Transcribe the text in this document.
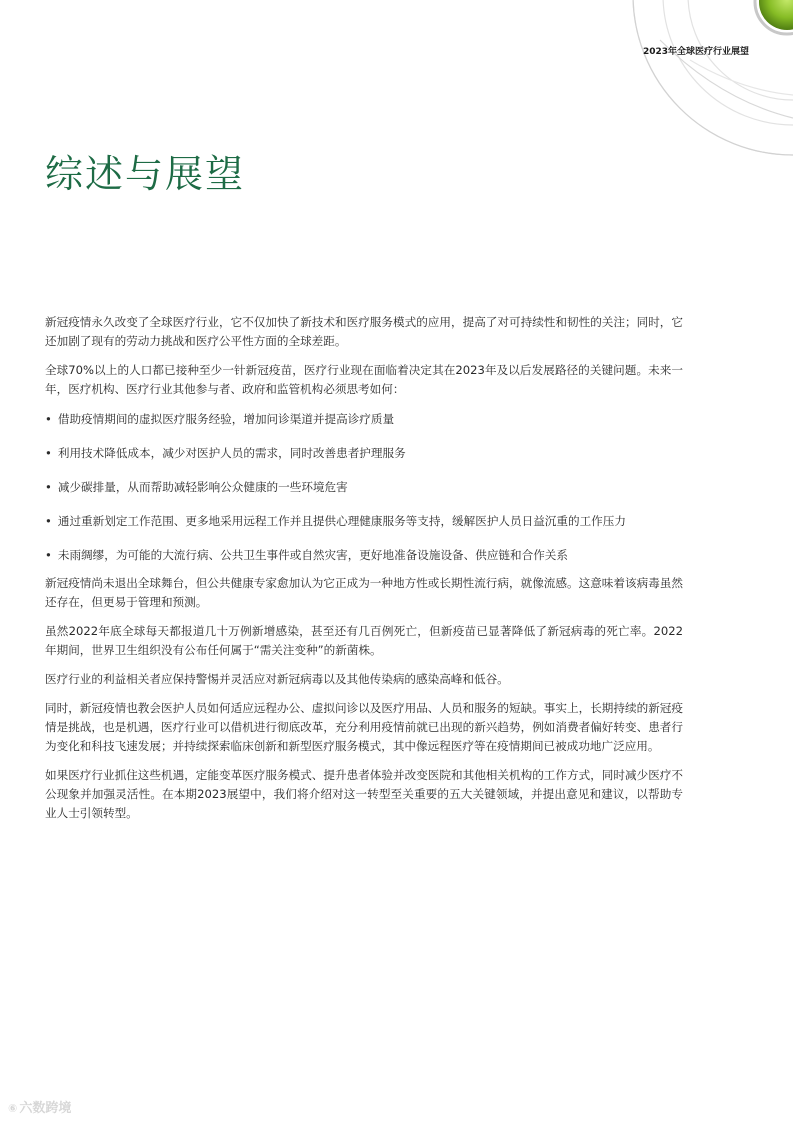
2023年全球医疗行业展望
综述与展望

新冠疫情永久改变了全球医疗行业，它不仅加快了新技术和医疗服务模式的应用，提高了对可持续性和韧性的关注；同时，它还加剧了现有的劳动力挑战和医疗公平性方面的全球差距。

全球70%以上的人口都已接种至少一针新冠疫苗，医疗行业现在面临着决定其在2023年及以后发展路径的关键问题。未来一年，医疗机构、医疗行业其他参与者、政府和监管机构必须思考如何：

• 借助疫情期间的虚拟医疗服务经验，增加问诊渠道并提高诊疗质量
• 利用技术降低成本，减少对医护人员的需求，同时改善患者护理服务
• 减少碳排量，从而帮助减轻影响公众健康的一些环境危害
• 通过重新划定工作范围、更多地采用远程工作并且提供心理健康服务等支持，缓解医护人员日益沉重的工作压力
• 未雨绸缪，为可能的大流行病、公共卫生事件或自然灾害，更好地准备设施设备、供应链和合作关系

新冠疫情尚未退出全球舞台，但公共健康专家愈加认为它正成为一种地方性或长期性流行病，就像流感。这意味着该病毒虽然还存在，但更易于管理和预测。

虽然2022年底全球每天都报道几十万例新增感染，甚至还有几百例死亡，但新疫苗已显著降低了新冠病毒的死亡率。2022年期间，世界卫生组织没有公布任何属于“需关注变种”的新菌株。

医疗行业的利益相关者应保持警惕并灵活应对新冠病毒以及其他传染病的感染高峰和低谷。

同时，新冠疫情也教会医护人员如何适应远程办公、虚拟问诊以及医疗用品、人员和服务的短缺。事实上，长期持续的新冠疫情是挑战，也是机遇，医疗行业可以借机进行彻底改革，充分利用疫情前就已出现的新兴趋势，例如消费者偏好转变、患者行为变化和科技飞速发展；并持续探索临床创新和新型医疗服务模式，其中像远程医疗等在疫情期间已被成功地广泛应用。

如果医疗行业抓住这些机遇，定能变革医疗服务模式、提升患者体验并改变医院和其他相关机构的工作方式，同时减少医疗不公现象并加强灵活性。在本期2023展望中，我们将介绍对这一转型至关重要的五大关键领域，并提出意见和建议，以帮助专业人士引领转型。

⑥ 六数跨境
